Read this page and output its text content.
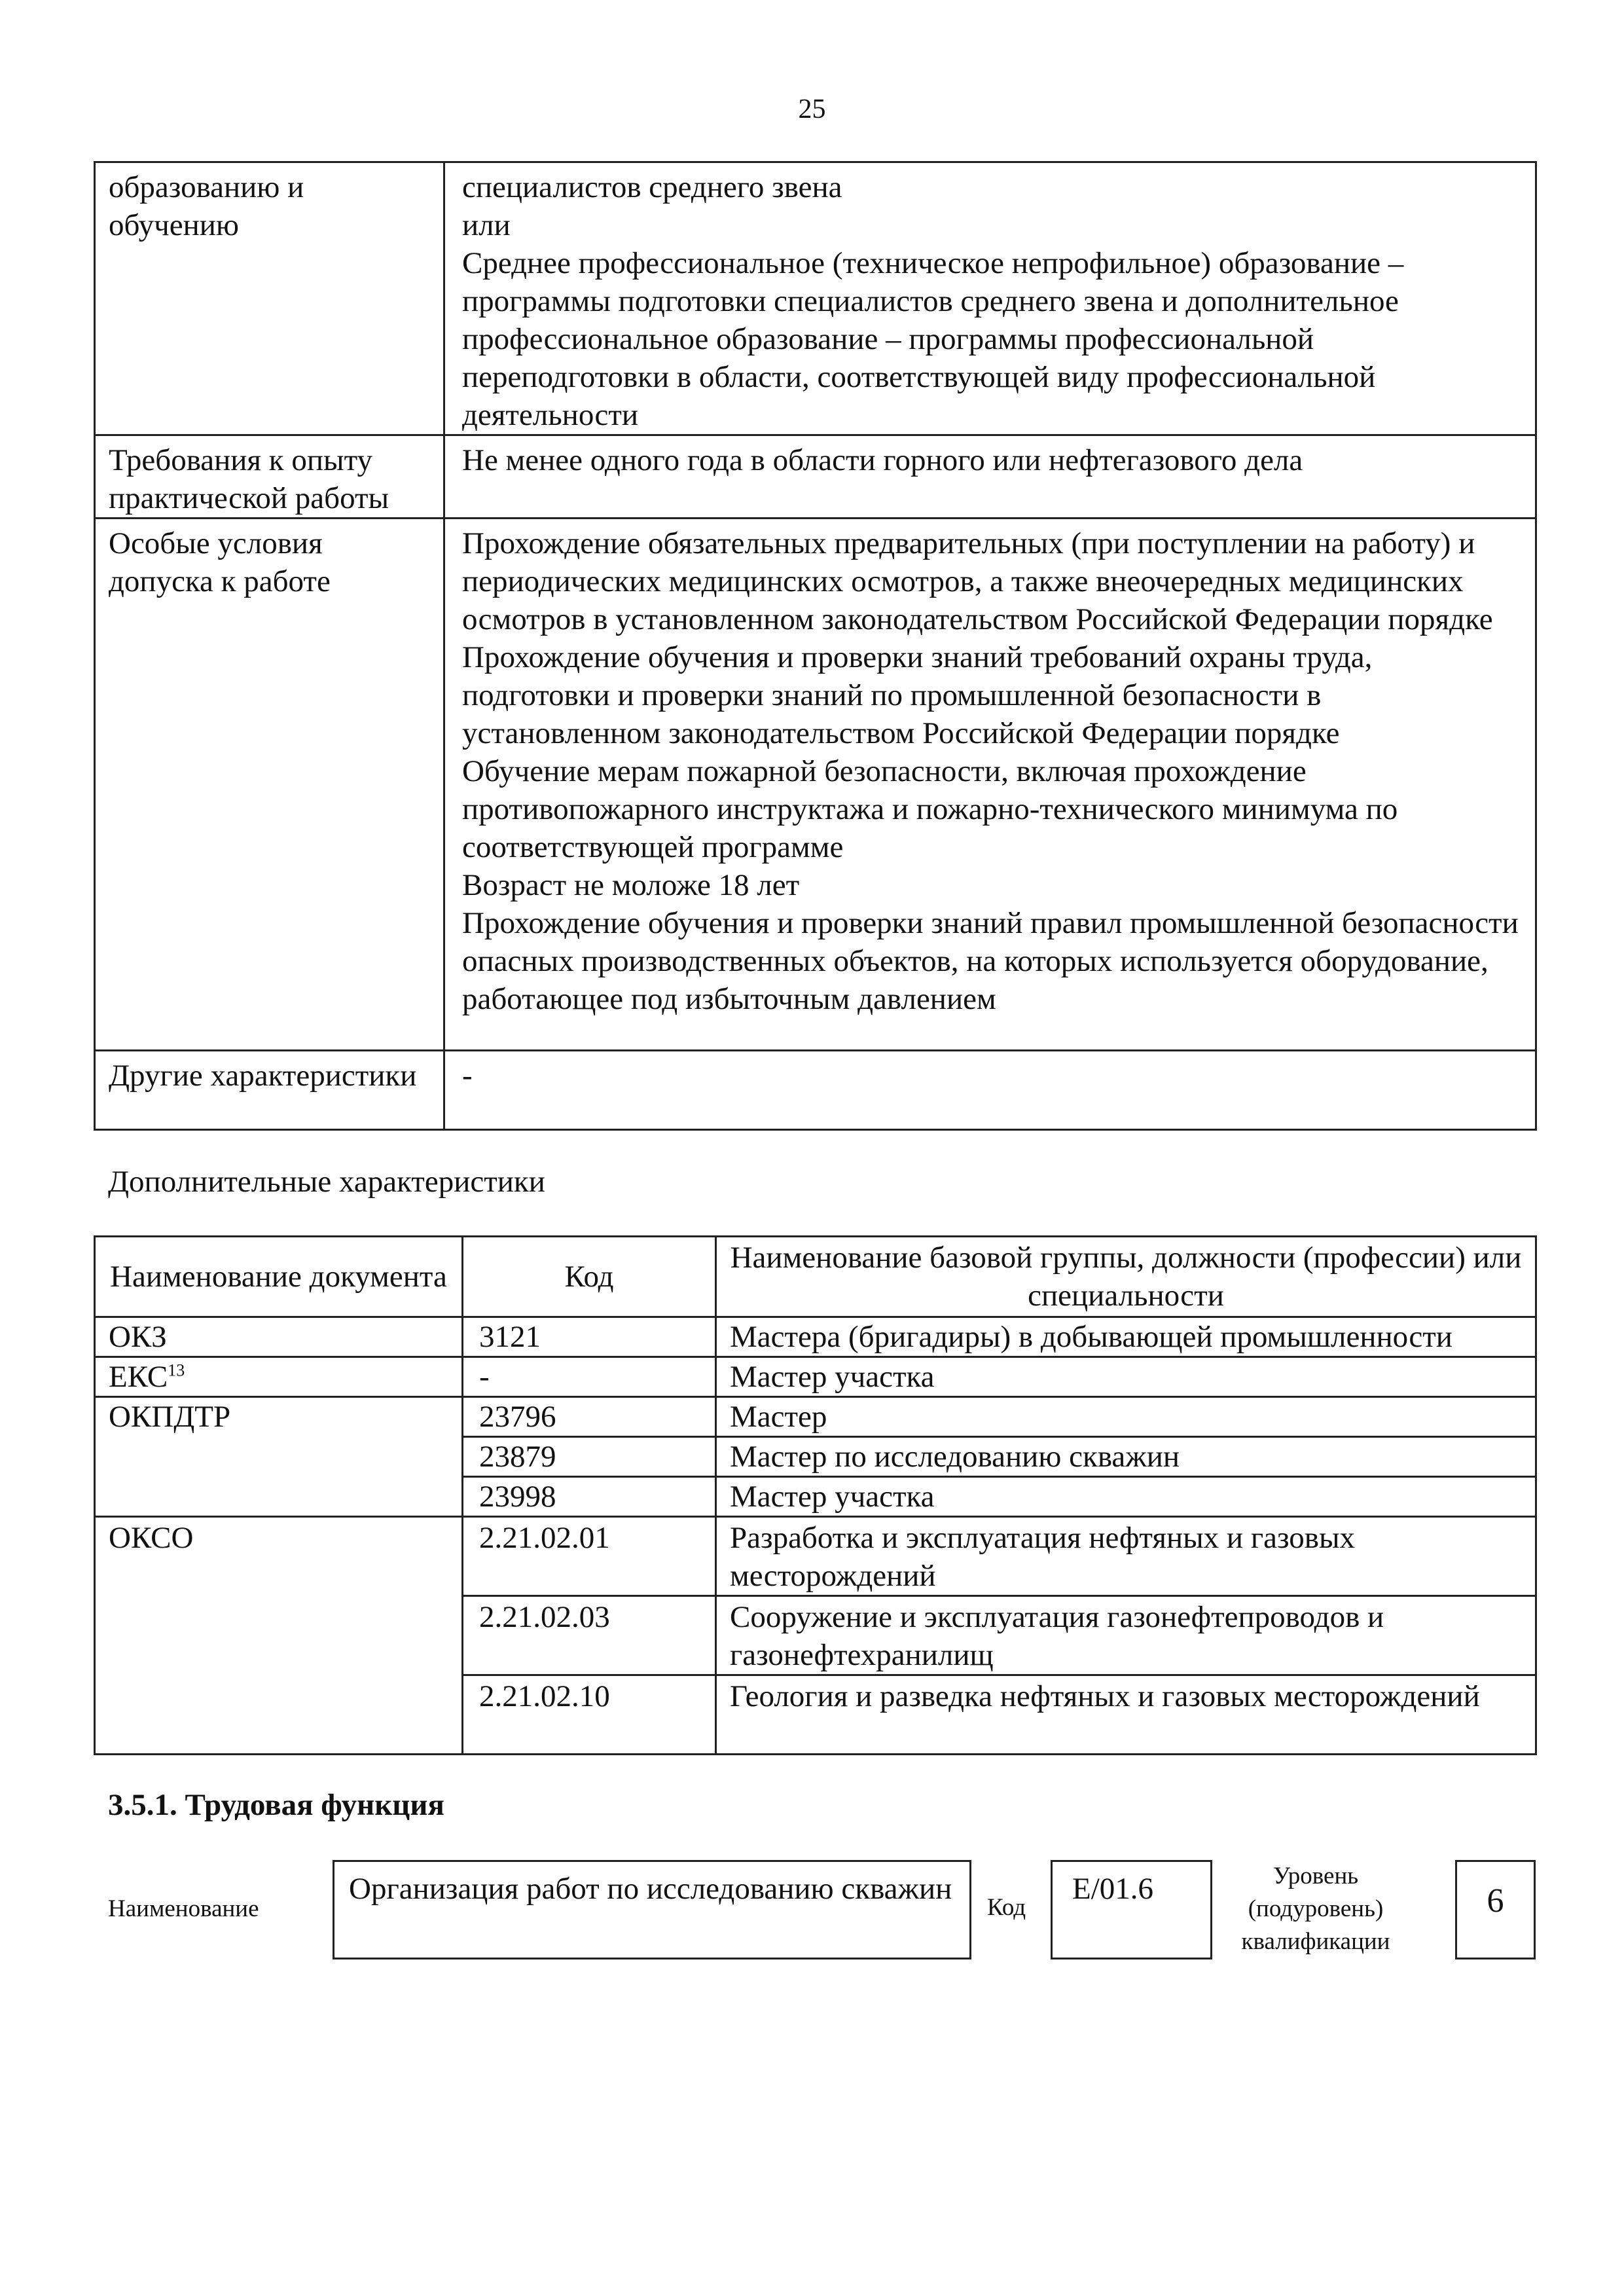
25
образованию и обучению	специалистов среднего звена

или

Среднее профессиональное (техническое непрофильное) образование – программы подготовки специалистов среднего звена и дополнительное профессиональное образование – программы профессиональной переподготовки в области, соответствующей виду профессиональной деятельности

Требования к опыту практической работы	Не менее одного года в области горного или нефтегазового дела

Особые условия допуска к работе	Прохождение обязательных предварительных (при поступлении на работу) и периодических медицинских осмотров, а также внеочередных медицинских осмотров в установленном законодательством Российской Федерации порядке

Прохождение обучения и проверки знаний требований охраны труда, подготовки и проверки знаний по промышленной безопасности в установленном законодательством Российской Федерации порядке

Обучение мерам пожарной безопасности, включая прохождение противопожарного инструктажа и пожарно-технического минимума по соответствующей программе

Возраст не моложе 18 лет

Прохождение обучения и проверки знаний правил промышленной безопасности опасных производственных объектов, на которых используется оборудование, работающее под избыточным давлением

Другие характеристики	-

Дополнительные характеристики
Наименование документа	Код	Наименование базовой группы, должности (профессии) или специальности
ОКЗ	3121	Мастера (бригадиры) в добывающей промышленности
ЕКС$^{13}$	-	Мастер участка
ОКПДТР	23796	Мастер
	23879	Мастер по исследованию скважин
	23998	Мастер участка
ОКСО	2.21.02.01	Разработка и эксплуатация нефтяных и газовых месторождений
	2.21.02.03	Сооружение и эксплуатация газонефтепроводов и газонефтехранилищ
	2.21.02.10	Геология и разведка нефтяных и газовых месторождений
3.5.1. Трудовая функция
Наименование
Организация работ по исследованию скважин
Код
E/01.6	Уровень
(подуровень)
квалификации
6
